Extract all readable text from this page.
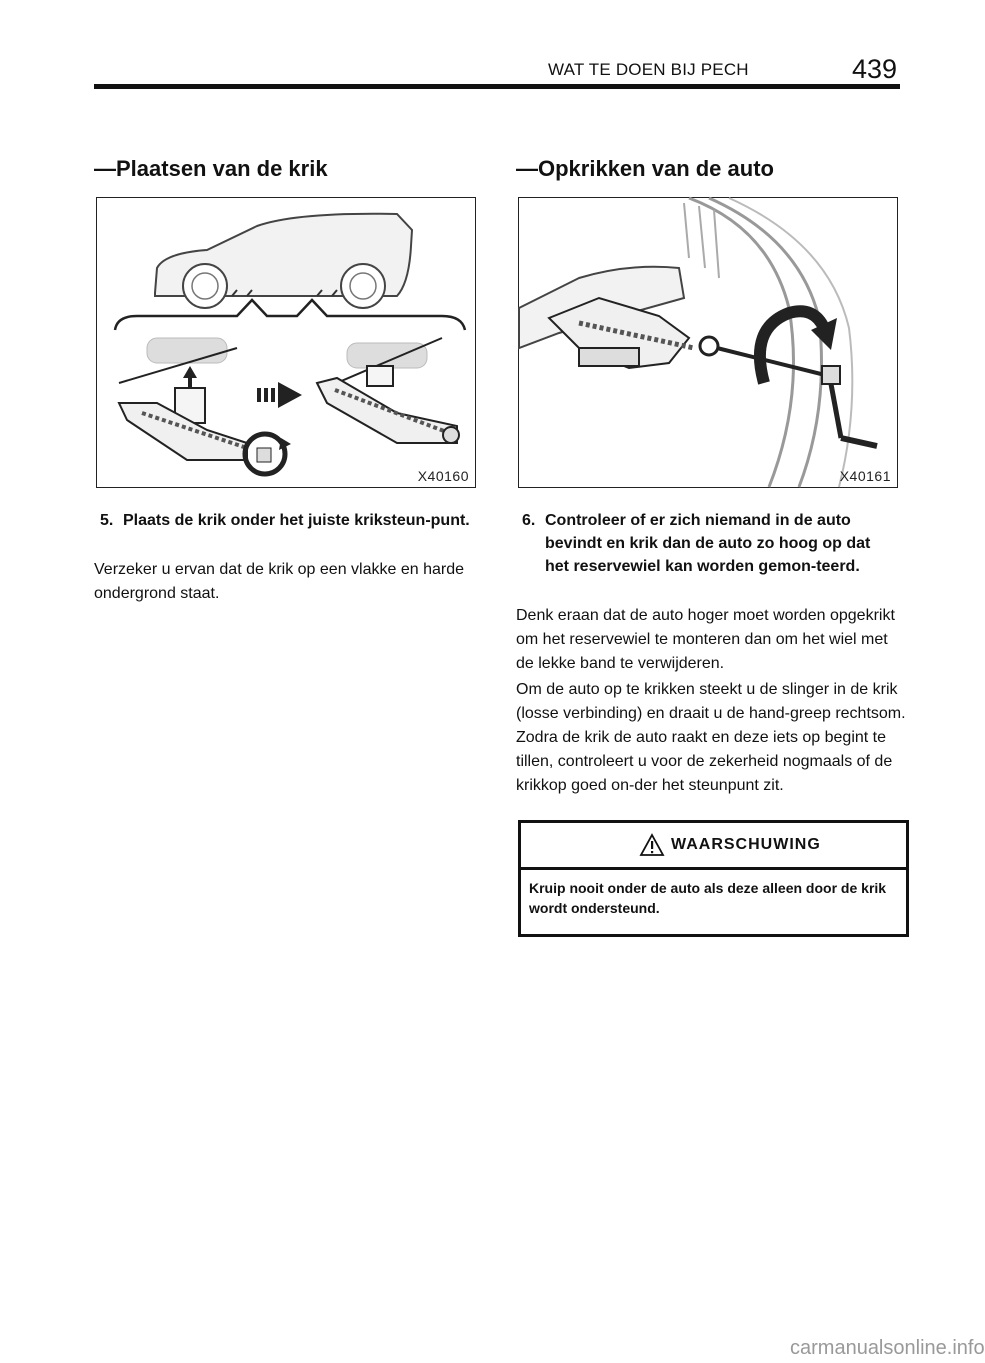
WAT TE DOEN BIJ PECH	439
—Plaatsen van de krik
X40160
5. Plaats de krik onder het juiste kriksteun-punt.
Verzeker u ervan dat de krik op een vlakke en harde ondergrond staat.
—Opkrikken van de auto
X40161
6. Controleer of er zich niemand in de auto bevindt en krik dan de auto zo hoog op dat het reservewiel kan worden gemon-teerd.
Denk eraan dat de auto hoger moet worden opgekrikt om het reservewiel te monteren dan om het wiel met de lekke band te verwijderen.
Om de auto op te krikken steekt u de slinger in de krik (losse verbinding) en draait u de hand-greep rechtsom. Zodra de krik de auto raakt en deze iets op begint te tillen, controleert u voor de zekerheid nogmaals of de krikkop goed on-der het steunpunt zit.
WAARSCHUWING
Kruip nooit onder de auto als deze alleen door de krik wordt ondersteund.
carmanualsonline.info
